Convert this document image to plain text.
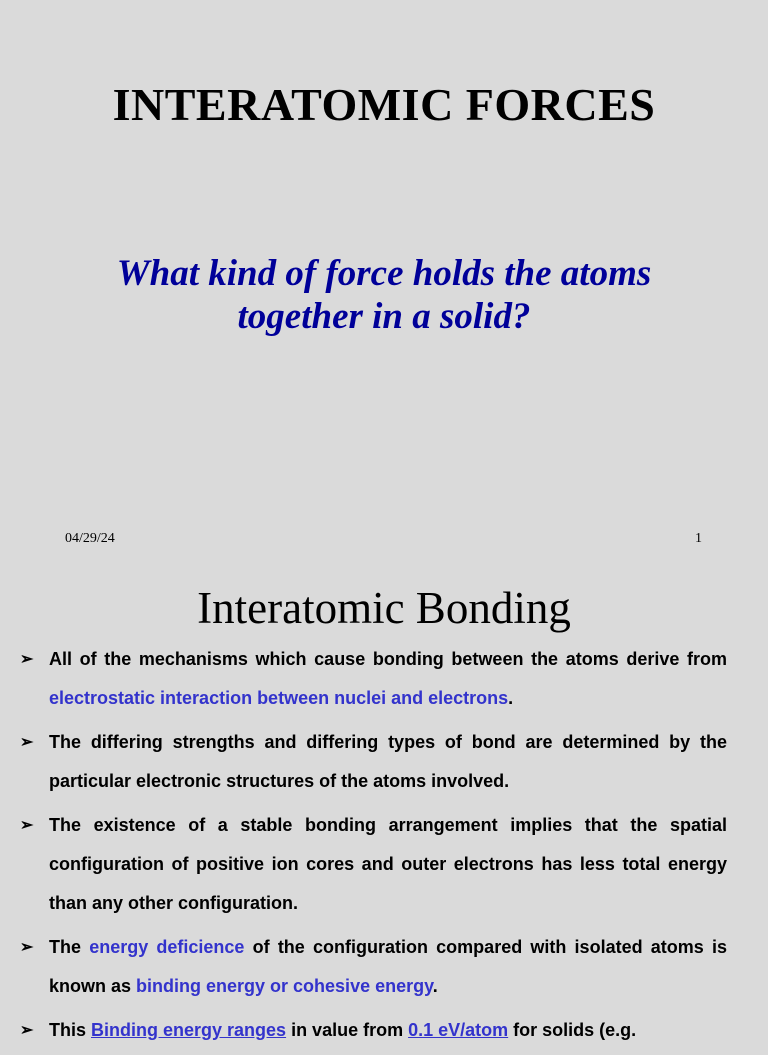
INTERATOMIC FORCES

What kind of force holds the atoms
together in a solid?

04/29/24	1
Interatomic Bonding
➢ All of the mechanisms which cause bonding between the atoms derive from electrostatic interaction between nuclei and electrons.
➢ The differing strengths and differing types of bond are determined by the particular electronic structures of the atoms involved.
➢ The existence of a stable bonding arrangement implies that the spatial configuration of positive ion cores and outer electrons has less total energy than any other configuration.
➢ The energy deficience of the configuration compared with isolated atoms is known as binding energy or cohesive energy.
➢ This Binding energy ranges in value from 0.1 eV/atom for solids (e.g.
